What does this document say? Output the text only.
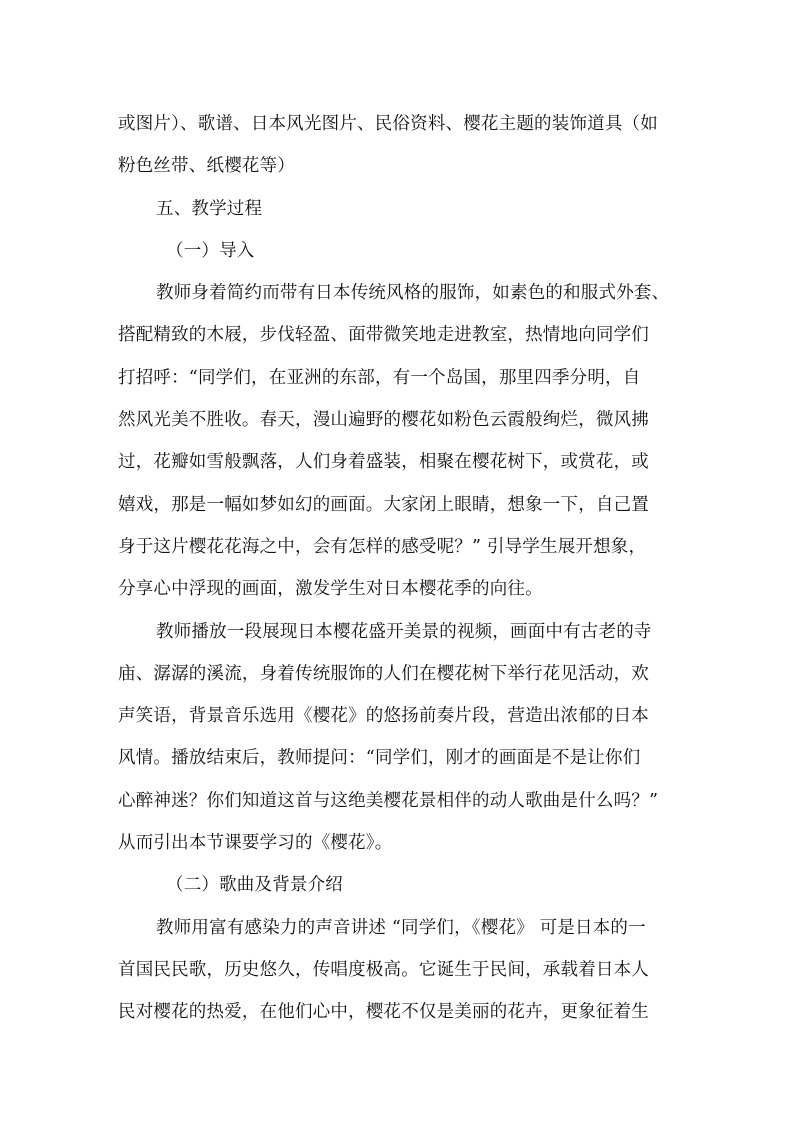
或图片）、歌谱、日本风光图片、民俗资料、樱花主题的装饰道具（如
粉色丝带、纸樱花等）
五、教学过程
（一）导入
教师身着简约而带有日本传统风格的服饰，如素色的和服式外套、
搭配精致的木屐，步伐轻盈、面带微笑地走进教室，热情地向同学们
打招呼：“同学们，在亚洲的东部，有一个岛国，那里四季分明，自
然风光美不胜收。春天，漫山遍野的樱花如粉色云霞般绚烂，微风拂
过，花瓣如雪般飘落，人们身着盛装，相聚在樱花树下，或赏花，或
嬉戏，那是一幅如梦如幻的画面。大家闭上眼睛，想象一下，自己置
身于这片樱花花海之中，会有怎样的感受呢？” 引导学生展开想象，
分享心中浮现的画面，激发学生对日本樱花季的向往。
教师播放一段展现日本樱花盛开美景的视频，画面中有古老的寺
庙、潺潺的溪流，身着传统服饰的人们在樱花树下举行花见活动，欢
声笑语，背景音乐选用《樱花》的悠扬前奏片段，营造出浓郁的日本
风情。播放结束后，教师提问：“同学们，刚才的画面是不是让你们
心醉神迷？你们知道这首与这绝美樱花景相伴的动人歌曲是什么吗？”
从而引出本节课要学习的《樱花》。
（二）歌曲及背景介绍
教师用富有感染力的声音讲述 “同学们，《樱花》 可是日本的一
首国民民歌，历史悠久，传唱度极高。它诞生于民间，承载着日本人
民对樱花的热爱，在他们心中，樱花不仅是美丽的花卉，更象征着生
